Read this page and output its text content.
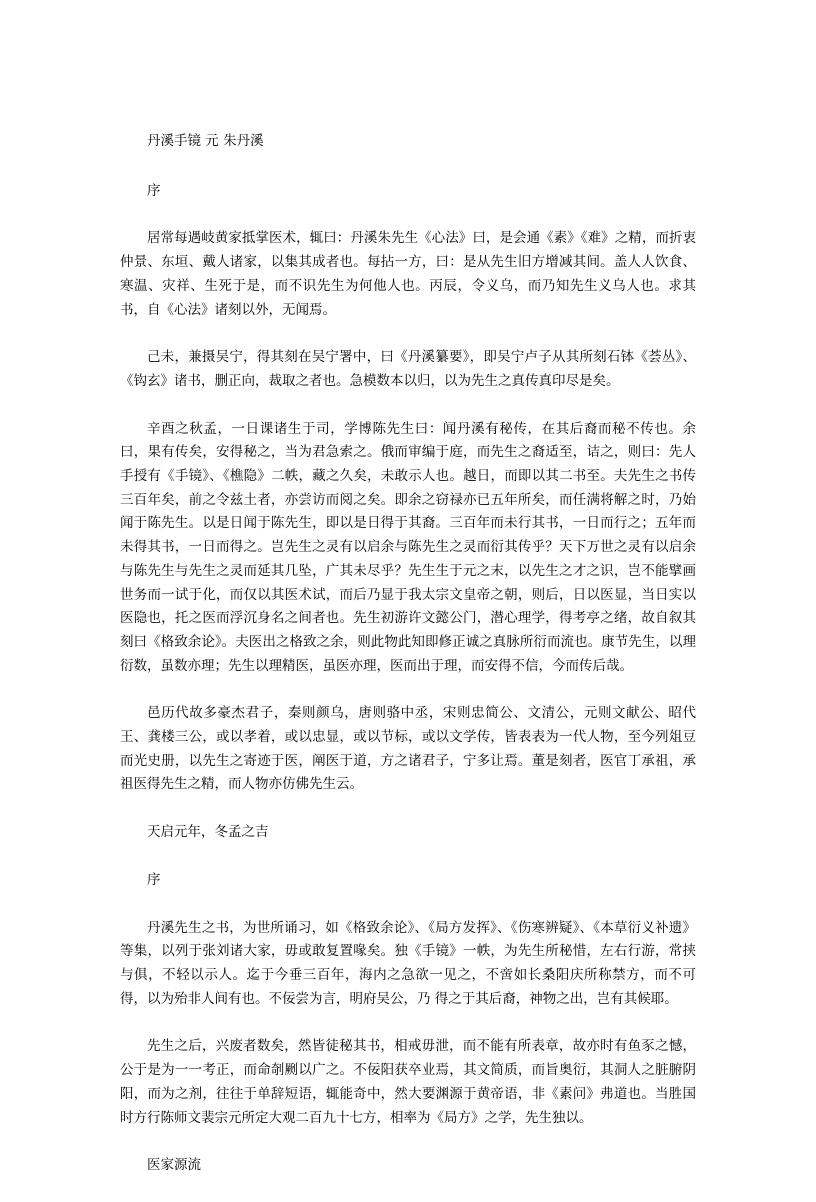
丹溪手镜 元 朱丹溪

序

居常每遇岐黄家抵掌医术，辄曰：丹溪朱先生《心法》曰，是会通《素》《难》之精，而折衷仲景、东垣、戴人诸家，以集其成者也。每拈一方，曰：是从先生旧方增减其间。盖人人饮食、寒温、灾祥、生死于是，而不识先生为何他人也。丙辰，令义乌，而乃知先生义乌人也。求其书，自《心法》诸刻以外，无闻焉。

己未，兼摄吴宁，得其刻在吴宁署中，曰《丹溪纂要》，即吴宁卢子从其所刻石钵《荟丛》、《钩玄》诸书，删正向，裁取之者也。急模数本以归，以为先生之真传真印尽是矣。

辛酉之秋孟，一日课诸生于司，学博陈先生曰：闻丹溪有秘传，在其后裔而秘不传也。余曰，果有传矣，安得秘之，当为君急索之。俄而审编于庭，而先生之裔适至，诘之，则曰：先人手授有《手镜》、《樵隐》二帙，藏之久矣，未敢示人也。越日，而即以其二书至。夫先生之书传三百年矣，前之令兹土者，亦尝访而阅之矣。即余之窃禄亦已五年所矣，而任满将解之时，乃始闻于陈先生。以是日闻于陈先生，即以是日得于其裔。三百年而未行其书，一日而行之；五年而未得其书，一日而得之。岂先生之灵有以启余与陈先生之灵而衍其传乎？天下万世之灵有以启余与陈先生与先生之灵而延其几坠，广其未尽乎？先生生于元之末，以先生之才之识，岂不能擘画世务而一试于化，而仅以其医术试，而后乃显于我太宗文皇帝之朝，则后，日以医显，当日实以医隐也，托之医而浮沉身名之间者也。先生初游许文懿公门，潜心理学，得考亭之绪，故自叙其刻曰《格致余论》。夫医出之格致之余，则此物此知即修正诚之真脉所衍而流也。康节先生，以理衍数，虽数亦理；先生以理精医，虽医亦理，医而出于理，而安得不信，今而传后哉。

邑历代故多豪杰君子，秦则颜乌，唐则骆中丞，宋则忠简公、文清公，元则文献公、昭代王、龚楼三公，或以孝着，或以忠显，或以节标，或以文学传，皆表表为一代人物，至今列俎豆而光史册，以先生之寄迹于医，阐医于道，方之诸君子，宁多让焉。董是刻者，医官丁承祖，承祖医得先生之精，而人物亦仿佛先生云。

天启元年，冬孟之吉

序

丹溪先生之书，为世所诵习，如《格致余论》、《局方发挥》、《伤寒辨疑》、《本草衍义补遗》等集，以列于张刘诸大家，毋或敢复置喙矣。独《手镜》一帙，为先生所秘惜，左右行游，常挟与俱，不轻以示人。迄于今垂三百年，海内之急欲一见之，不啻如长桑阳庆所称禁方，而不可得，以为殆非人间有也。不佞尝为言，明府吴公，乃 得之于其后裔，神物之出，岂有其候耶。

先生之后，兴废者数矣，然皆徒秘其书，相戒毋泄，而不能有所表章，故亦时有鱼豕之憾，公于是为一一考正，而命剞劂以广之。不佞阳获卒业焉，其文简质，而旨奥衍，其洞人之脏腑阴阳，而为之剂，往往于单辞短语，辄能奇中，然大要渊源于黄帝语，非《素问》弗道也。当胜国时方行陈师文裴宗元所定大观二百九十七方，相率为《局方》之学，先生独以。

医家源流
